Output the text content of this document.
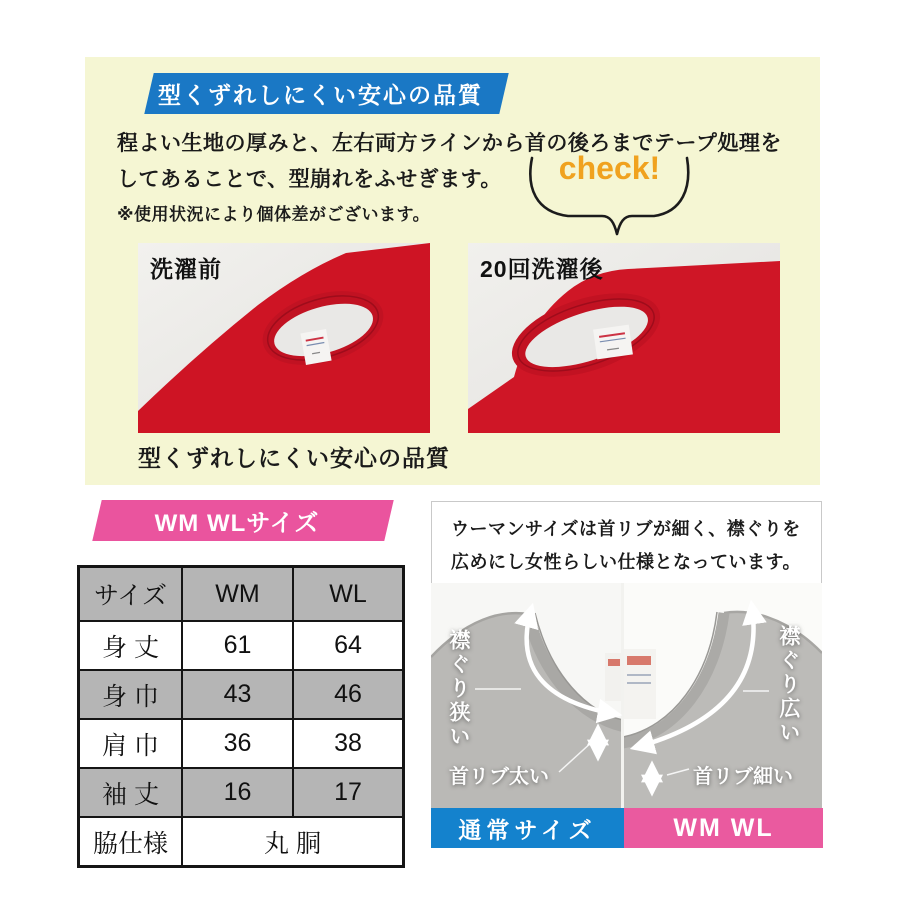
型くずれしにくい安心の品質
程よい生地の厚みと、左右両方ラインから首の後ろまでテープ処理を
してあることで、型崩れをふせぎます。
※使用状況により個体差がございます。
check!
洗濯前	20回洗濯後
型くずれしにくい安心の品質
WM WLサイズ
サイズ	WM	WL
身 丈	61	64
身 巾	43	46
肩 巾	36	38
袖 丈	16	17
脇仕様	丸 胴	
ウーマンサイズは首リブが細く、襟ぐりを
広めにし女性らしい仕様となっています。
襟ぐり狭い	襟ぐり広い
首リブ太い	首リブ細い
通常サイズ	WM WL
